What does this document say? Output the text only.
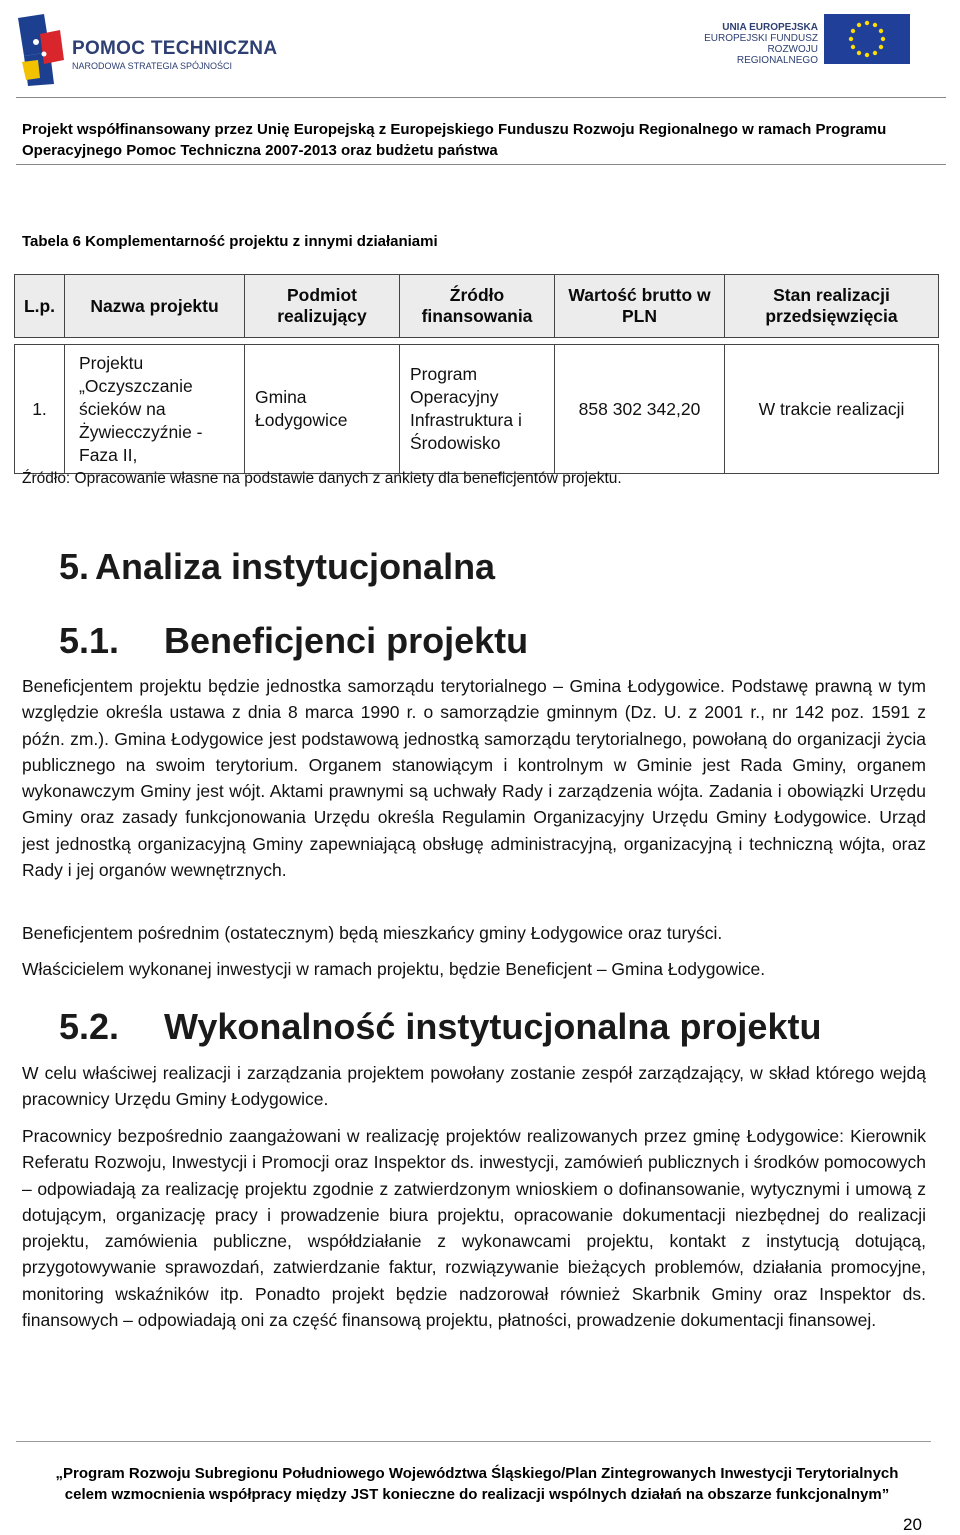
POMOC TECHNICZNA
NARODOWA STRATEGIA SPÓJNOŚCI
UNIA EUROPEJSKA
EUROPEJSKI FUNDUSZ
ROZWOJU REGIONALNEGO
Projekt współfinansowany przez Unię Europejską z Europejskiego Funduszu Rozwoju Regionalnego w ramach Programu
Operacyjnego Pomoc Techniczna 2007-2013 oraz budżetu państwa
Tabela 6 Komplementarność projektu z innymi działaniami
L.p.	Nazwa projektu	Podmiot realizujący	Źródło finansowania	Wartość brutto w PLN	Stan realizacji przedsięwzięcia

1.	Projektu „Oczyszczanie ścieków na Żywiecczyźnie - Faza II,	Gmina Łodygowice	Program Operacyjny Infrastruktura i Środowisko	858 302 342,20	W trakcie realizacji
Źródło: Opracowanie własne na podstawie danych z ankiety dla beneficjentów projektu.
5. Analiza instytucjonalna
5.1. Beneficjenci projektu
Beneficjentem projektu będzie jednostka samorządu terytorialnego – Gmina Łodygowice. Podstawę prawną w tym względzie określa ustawa z dnia 8 marca 1990 r. o samorządzie gminnym (Dz. U. z 2001 r., nr 142 poz. 1591 z późn. zm.). Gmina Łodygowice jest podstawową jednostką samorządu terytorialnego, powołaną do organizacji życia publicznego na swoim terytorium. Organem stanowiącym i kontrolnym w Gminie jest Rada Gminy, organem wykonawczym Gminy jest wójt. Aktami prawnymi są uchwały Rady i zarządzenia wójta. Zadania i obowiązki Urzędu Gminy oraz zasady funkcjonowania Urzędu określa Regulamin Organizacyjny Urzędu Gminy Łodygowice. Urząd jest jednostką organizacyjną Gminy zapewniającą obsługę administracyjną, organizacyjną i techniczną wójta, oraz Rady i jej organów wewnętrznych.
Beneficjentem pośrednim (ostatecznym) będą mieszkańcy gminy Łodygowice oraz turyści.
Właścicielem wykonanej inwestycji w ramach projektu, będzie Beneficjent – Gmina Łodygowice.
5.2. Wykonalność instytucjonalna projektu
W celu właściwej realizacji i zarządzania projektem powołany zostanie zespół zarządzający, w skład którego wejdą pracownicy Urzędu Gminy Łodygowice.
Pracownicy bezpośrednio zaangażowani w realizację projektów realizowanych przez gminę Łodygowice: Kierownik Referatu Rozwoju, Inwestycji i Promocji oraz Inspektor ds. inwestycji, zamówień publicznych i środków pomocowych – odpowiadają za realizację projektu zgodnie z zatwierdzonym wnioskiem o dofinansowanie, wytycznymi i umową z dotującym, organizację pracy i prowadzenie biura projektu, opracowanie dokumentacji niezbędnej do realizacji projektu, zamówienia publiczne, współdziałanie z wykonawcami projektu, kontakt z instytucją dotującą, przygotowywanie sprawozdań, zatwierdzanie faktur, rozwiązywanie bieżących problemów, działania promocyjne, monitoring wskaźników itp. Ponadto projekt będzie nadzorował również Skarbnik Gminy oraz Inspektor ds. finansowych – odpowiadają oni za część finansową projektu, płatności, prowadzenie dokumentacji finansowej.
„Program Rozwoju Subregionu Południowego Województwa Śląskiego/Plan Zintegrowanych Inwestycji Terytorialnych
celem wzmocnienia współpracy między JST konieczne do realizacji wspólnych działań na obszarze funkcjonalnym”
20
